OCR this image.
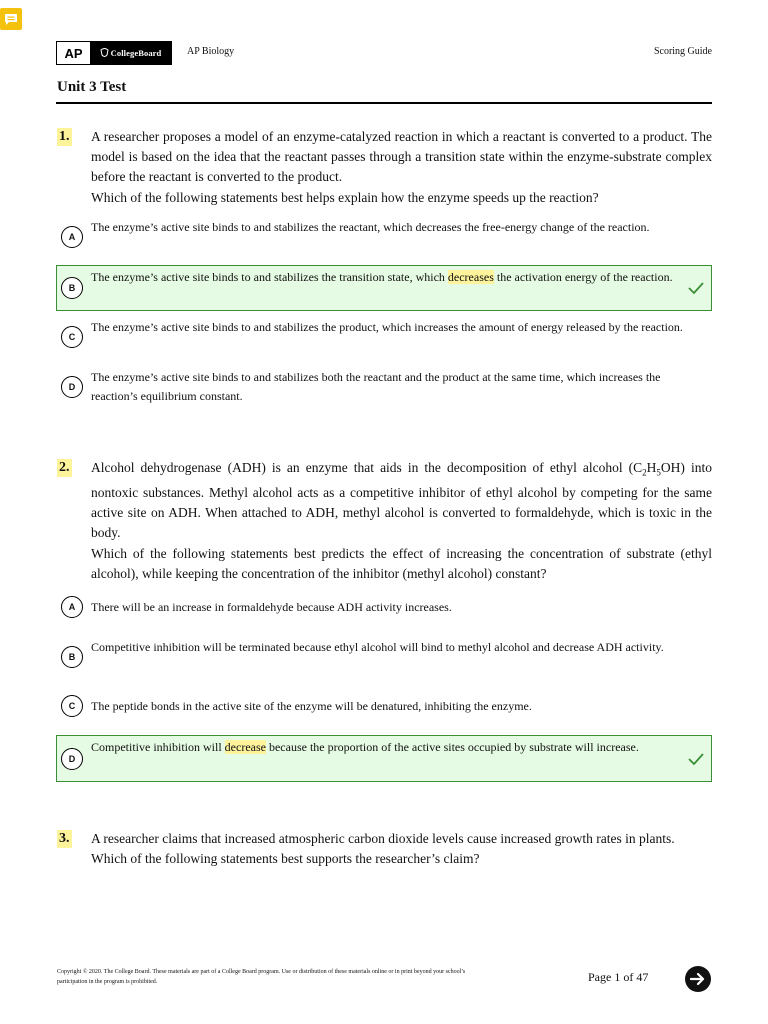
AP	CollegeBoard	AP Biology	Scoring Guide
Unit 3 Test
1. A researcher proposes a model of an enzyme-catalyzed reaction in which a reactant is converted to a product. The model is based on the idea that the reactant passes through a transition state within the enzyme-substrate complex before the reactant is converted to the product.

Which of the following statements best helps explain how the enzyme speeds up the reaction?

A
The enzyme’s active site binds to and stabilizes the reactant, which decreases the free-energy change of the reaction.
B
The enzyme’s active site binds to and stabilizes the transition state, which decreases the activation energy of the reaction.
C
The enzyme’s active site binds to and stabilizes the product, which increases the amount of energy released by the reaction.
D
The enzyme’s active site binds to and stabilizes both the reactant and the product at the same time, which increases the reaction’s equilibrium constant.
2. Alcohol dehydrogenase (ADH) is an enzyme that aids in the decomposition of ethyl alcohol $(C_2H_5OH)$ into nontoxic substances. Methyl alcohol acts as a competitive inhibitor of ethyl alcohol by competing for the same active site on ADH. When attached to ADH, methyl alcohol is converted to formaldehyde, which is toxic in the body.

Which of the following statements best predicts the effect of increasing the concentration of substrate (ethyl alcohol), while keeping the concentration of the inhibitor (methyl alcohol) constant?

A	There will be an increase in formaldehyde because ADH activity increases.
B
Competitive inhibition will be terminated because ethyl alcohol will bind to methyl alcohol and decrease ADH activity.
C	The peptide bonds in the active site of the enzyme will be denatured, inhibiting the enzyme.
D
Competitive inhibition will decrease because the proportion of the active sites occupied by substrate will increase.
3. A researcher claims that increased atmospheric carbon dioxide levels cause increased growth rates in plants.

Which of the following statements best supports the researcher’s claim?

Copyright © 2020. The College Board. These materials are part of a College Board program. Use or distribution of these materials online or in print beyond your school’s participation in the program is prohibited.	Page 1 of 47
